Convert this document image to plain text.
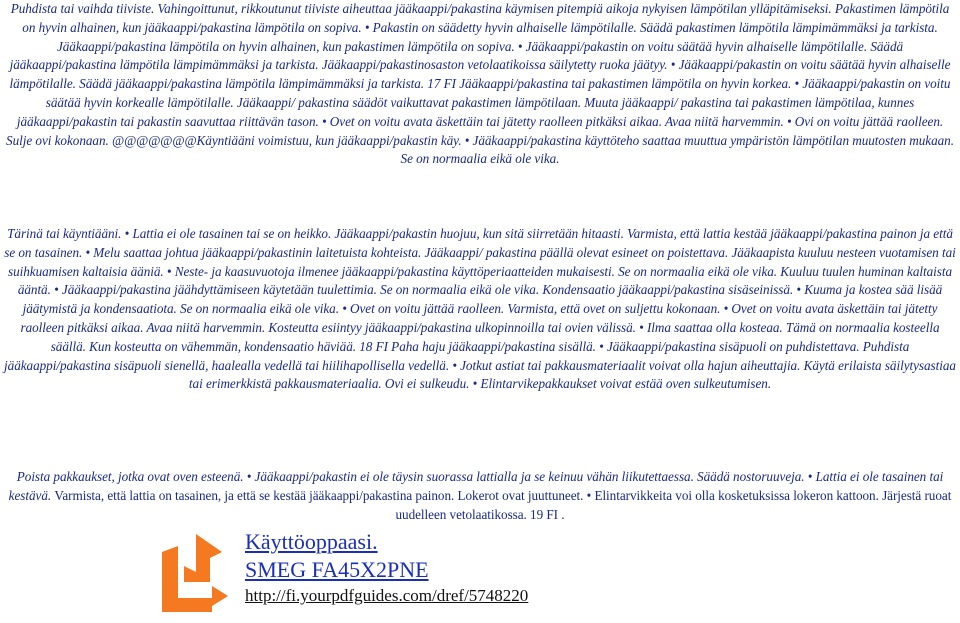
Puhdista tai vaihda tiiviste. Vahingoittunut, rikkoutunut tiiviste aiheuttaa jääkaappi/pakastina käymisen pitempiä aikoja nykyisen lämpötilan ylläpitämiseksi. Pakastimen lämpötila on hyvin alhainen, kun jääkaappi/pakastina lämpötila on sopiva. • Pakastin on säädetty hyvin alhaiselle lämpötilalle. Säädä pakastimen lämpötila lämpimämmäksi ja tarkista. Jääkaappi/pakastina lämpötila on hyvin alhainen, kun pakastimen lämpötila on sopiva. • Jääkaappi/pakastin on voitu säätää hyvin alhaiselle lämpötilalle. Säädä jääkaappi/pakastina lämpötila lämpimämmäksi ja tarkista. Jääkaappi/pakastinosaston vetolaatikoissa säilytetty ruoka jäätyy. • Jääkaappi/pakastin on voitu säätää hyvin alhaiselle lämpötilalle. Säädä jääkaappi/pakastina lämpötila lämpimämmäksi ja tarkista. 17 FI Jääkaappi/pakastina tai pakastimen lämpötila on hyvin korkea. • Jääkaappi/pakastin on voitu säätää hyvin korkealle lämpötilalle. Jääkaappi/ pakastina säädöt vaikuttavat pakastimen lämpötilaan. Muuta jääkaappi/ pakastina tai pakastimen lämpötilaa, kunnes jääkaappi/pakastin tai pakastin saavuttaa riittävän tason. • Ovet on voitu avata äskettäin tai jätetty raolleen pitkäksi aikaa. Avaa niitä harvemmin. • Ovi on voitu jättää raolleen. Sulje ovi kokonaan. @@@@@@@Käyntiääni voimistuu, kun jääkaappi/pakastin käy. • Jääkaappi/pakastina käyttöteho saattaa muuttua ympäristön lämpötilan muutosten mukaan. Se on normaalia eikä ole vika.

Tärinä tai käyntiääni. • Lattia ei ole tasainen tai se on heikko. Jääkaappi/pakastin huojuu, kun sitä siirretään hitaasti. Varmista, että lattia kestää jääkaappi/pakastina painon ja että se on tasainen. • Melu saattaa johtua jääkaappi/pakastinin laitetuista kohteista. Jääkaappi/ pakastina päällä olevat esineet on poistettava. Jääkaapista kuuluu nesteen vuotamisen tai suihkuamisen kaltaisia ääniä. • Neste- ja kaasuvuotoja ilmenee jääkaappi/pakastina käyttöperiaatteiden mukaisesti. Se on normaalia eikä ole vika. Kuuluu tuulen huminan kaltaista ääntä. • Jääkaappi/pakastina jäähdyttämiseen käytetään tuulettimia. Se on normaalia eikä ole vika. Kondensaatio jääkaappi/pakastina sisäseinissä. • Kuuma ja kostea sää lisää jäätymistä ja kondensaatiota. Se on normaalia eikä ole vika. • Ovet on voitu jättää raolleen. Varmista, että ovet on suljettu kokonaan. • Ovet on voitu avata äskettäin tai jätetty raolleen pitkäksi aikaa. Avaa niitä harvemmin. Kosteutta esiintyy jääkaappi/pakastina ulkopinnoilla tai ovien välissä. • Ilma saattaa olla kosteaa. Tämä on normaalia kosteella säällä. Kun kosteutta on vähemmän, kondensaatio häviää. 18 FI Paha haju jääkaappi/pakastina sisällä. • Jääkaappi/pakastina sisäpuoli on puhdistettava. Puhdista jääkaappi/pakastina sisäpuoli sienellä, haalealla vedellä tai hiilihapollisella vedellä. • Jotkut astiat tai pakkausmateriaalit voivat olla hajun aiheuttajia. Käytä erilaista säilytysastiaa tai erimerkkistä pakkausmateriaalia. Ovi ei sulkeudu. • Elintarvikepakkaukset voivat estää oven sulkeutumisen.

Poista pakkaukset, jotka ovat oven esteenä. • Jääkaappi/pakastin ei ole täysin suorassa lattialla ja se keinuu vähän liikutettaessa. Säädä nostoruuveja. • Lattia ei ole tasainen tai kestävä. Varmista, että lattia on tasainen, ja että se kestää jääkaappi/pakastina painon. Lokerot ovat juuttuneet. • Elintarvikkeita voi olla kosketuksissa lokeron kattoon. Järjestä ruoat uudelleen vetolaatikossa. 19 FI .

Käyttöoppaasi.
SMEG FA45X2PNE
http://fi.yourpdfguides.com/dref/5748220
